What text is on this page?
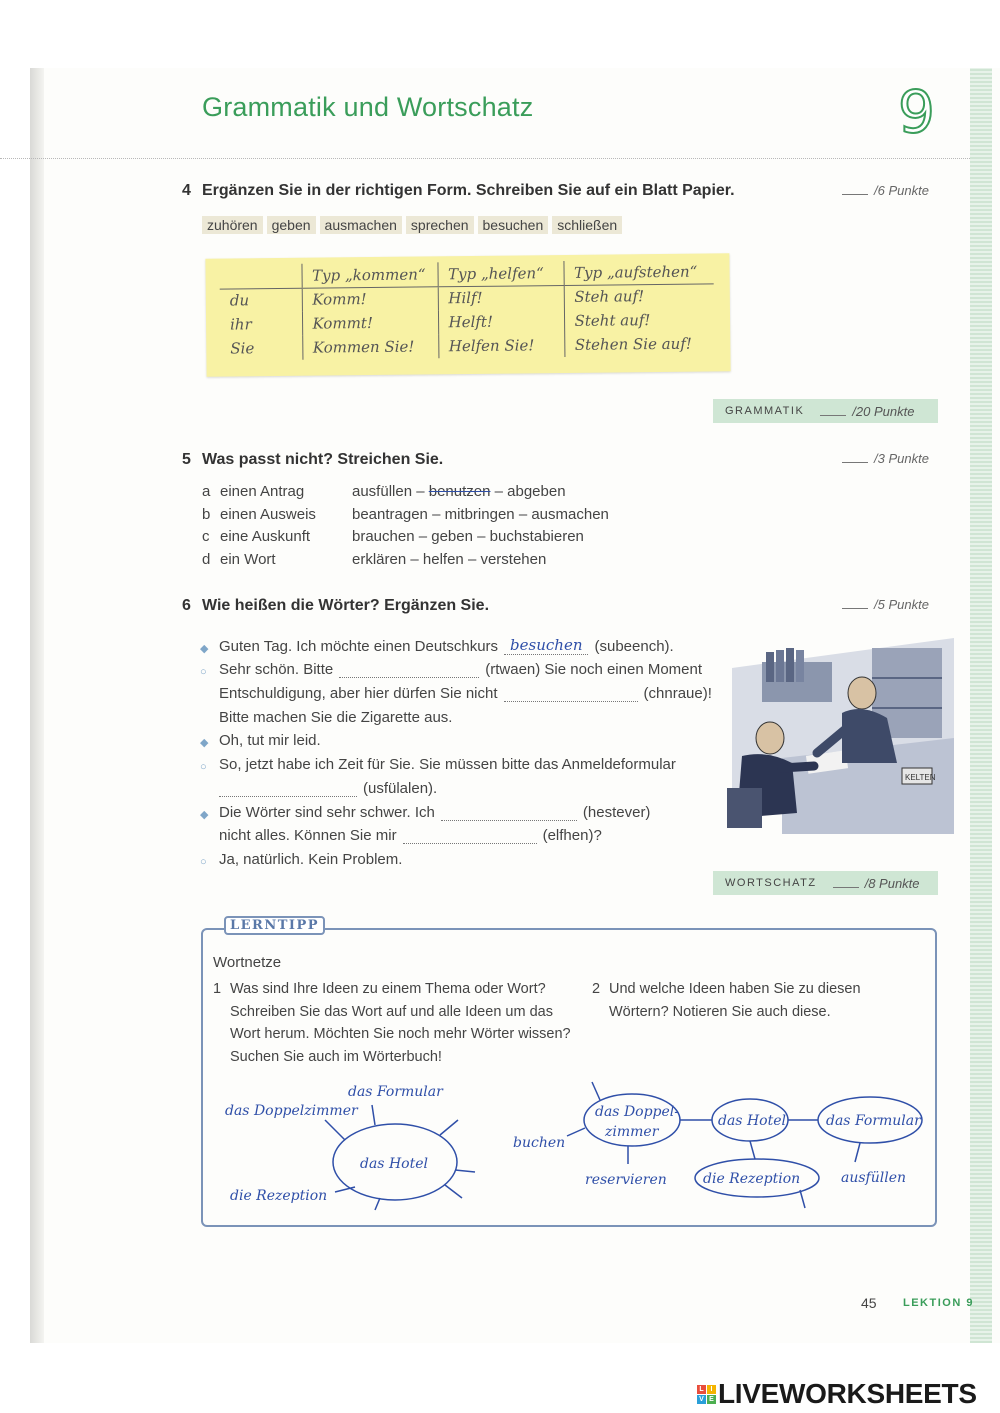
Grammatik und Wortschatz	9
4 Ergänzen Sie in der richtigen Form. Schreiben Sie auf ein Blatt Papier.	/6 Punkte
zuhören	geben	ausmachen	sprechen	besuchen	schließen
	Typ „kommen“	Typ „helfen“	Typ „aufstehen“
du	Komm!	Hilf!	Steh auf!
ihr	Kommt!	Helft!	Steht auf!
Sie	Kommen Sie!	Helfen Sie!	Stehen Sie auf!
GRAMMATIK	/20 Punkte
5 Was passt nicht? Streichen Sie.	/3 Punkte
a einen Antrag	ausfüllen
–
benutzen
–
abgeben
b einen Ausweis	beantragen
–
mitbringen
–
ausmachen
c eine Auskunft	brauchen
–
geben
–
buchstabieren
d ein Wort	erklären
–
helfen
–
verstehen
6 Wie heißen die Wörter? Ergänzen Sie.	/5 Punkte
◆ Guten Tag. Ich möchte einen Deutschkurs besuchen (subeench).
○ Sehr schön. Bitte	(rtwaen) Sie noch einen Moment
Entschuldigung, aber hier dürfen Sie nicht	(chnraue)!
Bitte machen Sie die Zigarette aus.
◆ Oh, tut mir leid.
○ So, jetzt habe ich Zeit für Sie. Sie müssen bitte das Anmeldeformular
(usfülalen).
◆ Die Wörter sind sehr schwer. Ich	(hestever)
nicht alles. Können Sie mir	(elfhen)?
○ Ja, natürlich. Kein Problem.
KELTEN
WORTSCHATZ	/8 Punkte
LERNTIPP
Wortnetze
1 Was sind Ihre Ideen zu einem Thema oder Wort? Schreiben Sie das Wort auf und alle Ideen um das Wort herum. Möchten Sie noch mehr Wörter wissen? Suchen Sie auch im Wörterbuch!
2 Und welche Ideen haben Sie zu diesen Wörtern? Notieren Sie auch diese.
das Hotel
das Formular
das Doppelzimmer
die Rezeption
das Doppel-
zimmer
das Hotel	das Formular
die Rezeption
buchen
reservieren	ausfüllen
45 LEKTION 9
L I
V E LIVEWORKSHEETS
